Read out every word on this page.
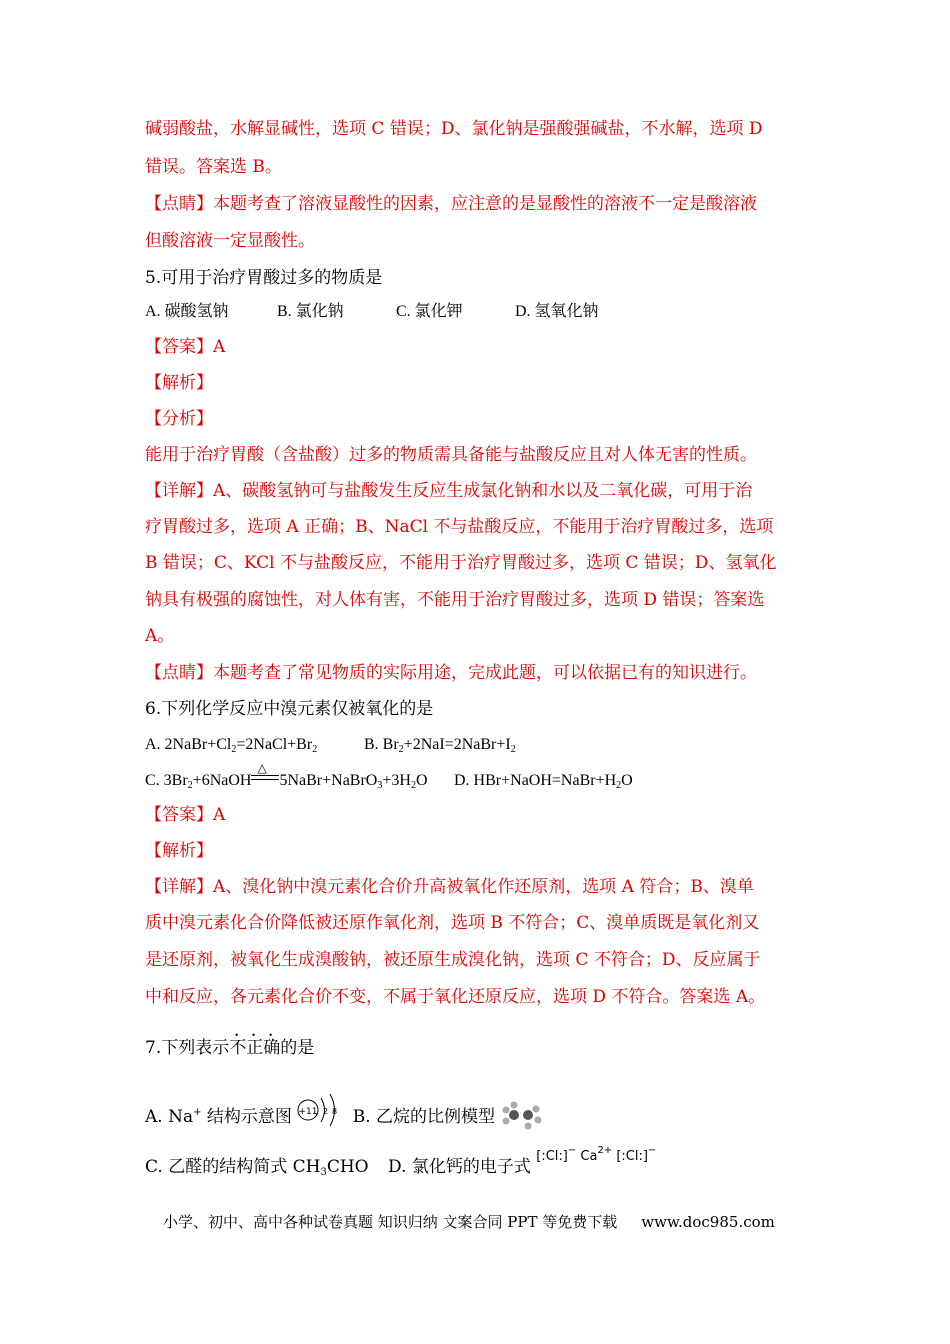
碱弱酸盐，水解显碱性，选项 C 错误；D、氯化钠是强酸强碱盐，不水解，选项 D
错误。答案选 B。
【点睛】本题考查了溶液显酸性的因素，应注意的是显酸性的溶液不一定是酸溶液
但酸溶液一定显酸性。
5.可用于治疗胃酸过多的物质是
A. 碳酸氢钠	B. 氯化钠	C. 氯化钾	D. 氢氧化钠
【答案】A
【解析】
【分析】
能用于治疗胃酸（含盐酸）过多的物质需具备能与盐酸反应且对人体无害的性质。
【详解】A、碳酸氢钠可与盐酸发生反应生成氯化钠和水以及二氧化碳，可用于治
疗胃酸过多，选项 A 正确；B、NaCl 不与盐酸反应，不能用于治疗胃酸过多，选项
B 错误；C、KCl 不与盐酸反应，不能用于治疗胃酸过多，选项 C 错误；D、氢氧化
钠具有极强的腐蚀性，对人体有害，不能用于治疗胃酸过多，选项 D 错误；答案选
A。
【点睛】本题考查了常见物质的实际用途，完成此题，可以依据已有的知识进行。
6.下列化学反应中溴元素仅被氧化的是
A. $2NaBr+Cl_2=2NaCl+Br_2$	B. $Br_2+2NaI=2NaBr+I_2$
C. $3Br_2+6NaOH$
△
$5NaBr+NaBrO_3+3H_2O$ D. $HBr+NaOH=NaBr+H_2O$
【答案】A
【解析】
【详解】A、溴化钠中溴元素化合价升高被氧化作还原剂，选项 A 符合；B、溴单
质中溴元素化合价降低被还原作氧化剂，选项 B 不符合；C、溴单质既是氧化剂又
是还原剂，被氧化生成溴酸钠，被还原生成溴化钠，选项 C 不符合；D、反应属于
中和反应，各元素化合价不变，不属于氧化还原反应，选项 D 不符合。答案选 A。
7.下列表示不正确的是
A. Na+ 结构示意图 +11 2 8 B. 乙烷的比例模型
C. 乙醛的结构简式 $CH_3CHO$ D. 氯化钙的电子式 $^{[:Cl:]^- Ca^{2+} [:Cl:]^-}$
小学、初中、高中各种试卷真题 知识归纳 文案合同 PPT 等免费下载 www.doc985.com
